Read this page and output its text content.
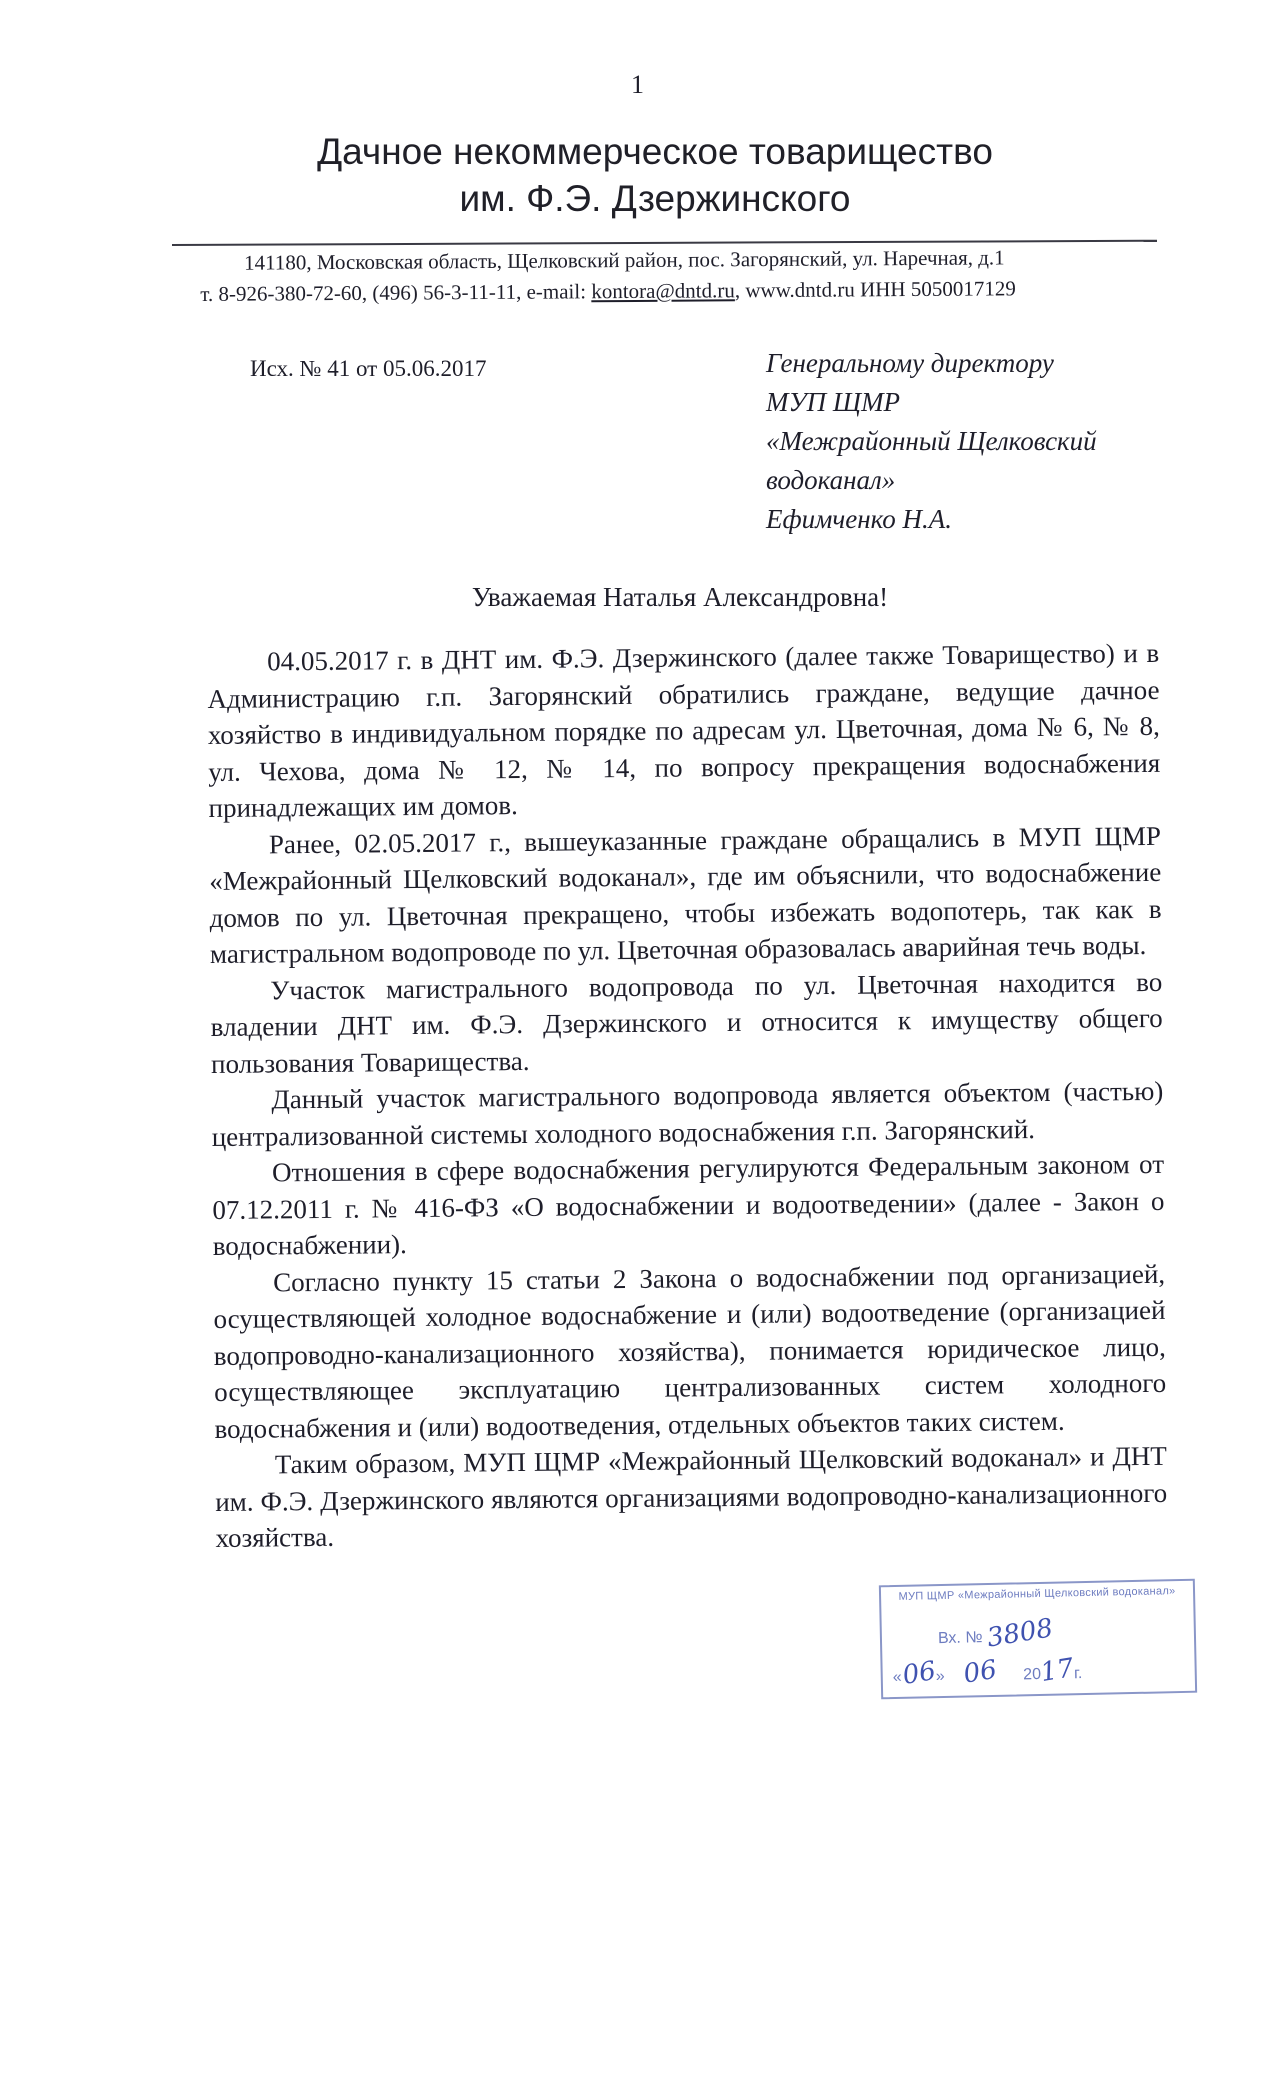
1
Дачное некоммерческое товарищество
им. Ф.Э. Дзержинского
141180, Московская область, Щелковский район, пос. Загорянский, ул. Наречная, д.1
т. 8-926-380-72-60, (496) 56-3-11-11, e-mail: kontora@dntd.ru, www.dntd.ru ИНН 5050017129
Исх. № 41 от 05.06.2017	Генеральному директору
МУП ЩМР
«Межрайонный Щелковский
водоканал»
Ефимченко Н.А.
Уважаемая Наталья Александровна!

04.05.2017 г. в ДНТ им. Ф.Э. Дзержинского (далее также Товарищество) и в Администрацию г.п. Загорянский обратились граждане, ведущие дачное хозяйство в индивидуальном порядке по адресам ул. Цветочная, дома № 6, № 8, ул. Чехова, дома № 12, № 14, по вопросу прекращения водоснабжения принадлежащих им домов.

Ранее, 02.05.2017 г., вышеуказанные граждане обращались в МУП ЩМР «Межрайонный Щелковский водоканал», где им объяснили, что водоснабжение домов по ул. Цветочная прекращено, чтобы избежать водопотерь, так как в магистральном водопроводе по ул. Цветочная образовалась аварийная течь воды.

Участок магистрального водопровода по ул. Цветочная находится во владении ДНТ им. Ф.Э. Дзержинского и относится к имуществу общего пользования Товарищества.

Данный участок магистрального водопровода является объектом (частью) централизованной системы холодного водоснабжения г.п. Загорянский.

Отношения в сфере водоснабжения регулируются Федеральным законом от 07.12.2011 г. № 416-ФЗ «О водоснабжении и водоотведении» (далее - Закон о водоснабжении).

Согласно пункту 15 статьи 2 Закона о водоснабжении под организацией, осуществляющей холодное водоснабжение и (или) водоотведение (организацией водопроводно-канализационного хозяйства), понимается юридическое лицо, осуществляющее эксплуатацию централизованных систем холодного водоснабжения и (или) водоотведения, отдельных объектов таких систем.

Таким образом, МУП ЩМР «Межрайонный Щелковский водоканал» и ДНТ им. Ф.Э. Дзержинского являются организациями водопроводно-канализационного хозяйства.

МУП ЩМР «Межрайонный Щелковский водоканал»
Вх. № 3808
«06» 06 2017г.
